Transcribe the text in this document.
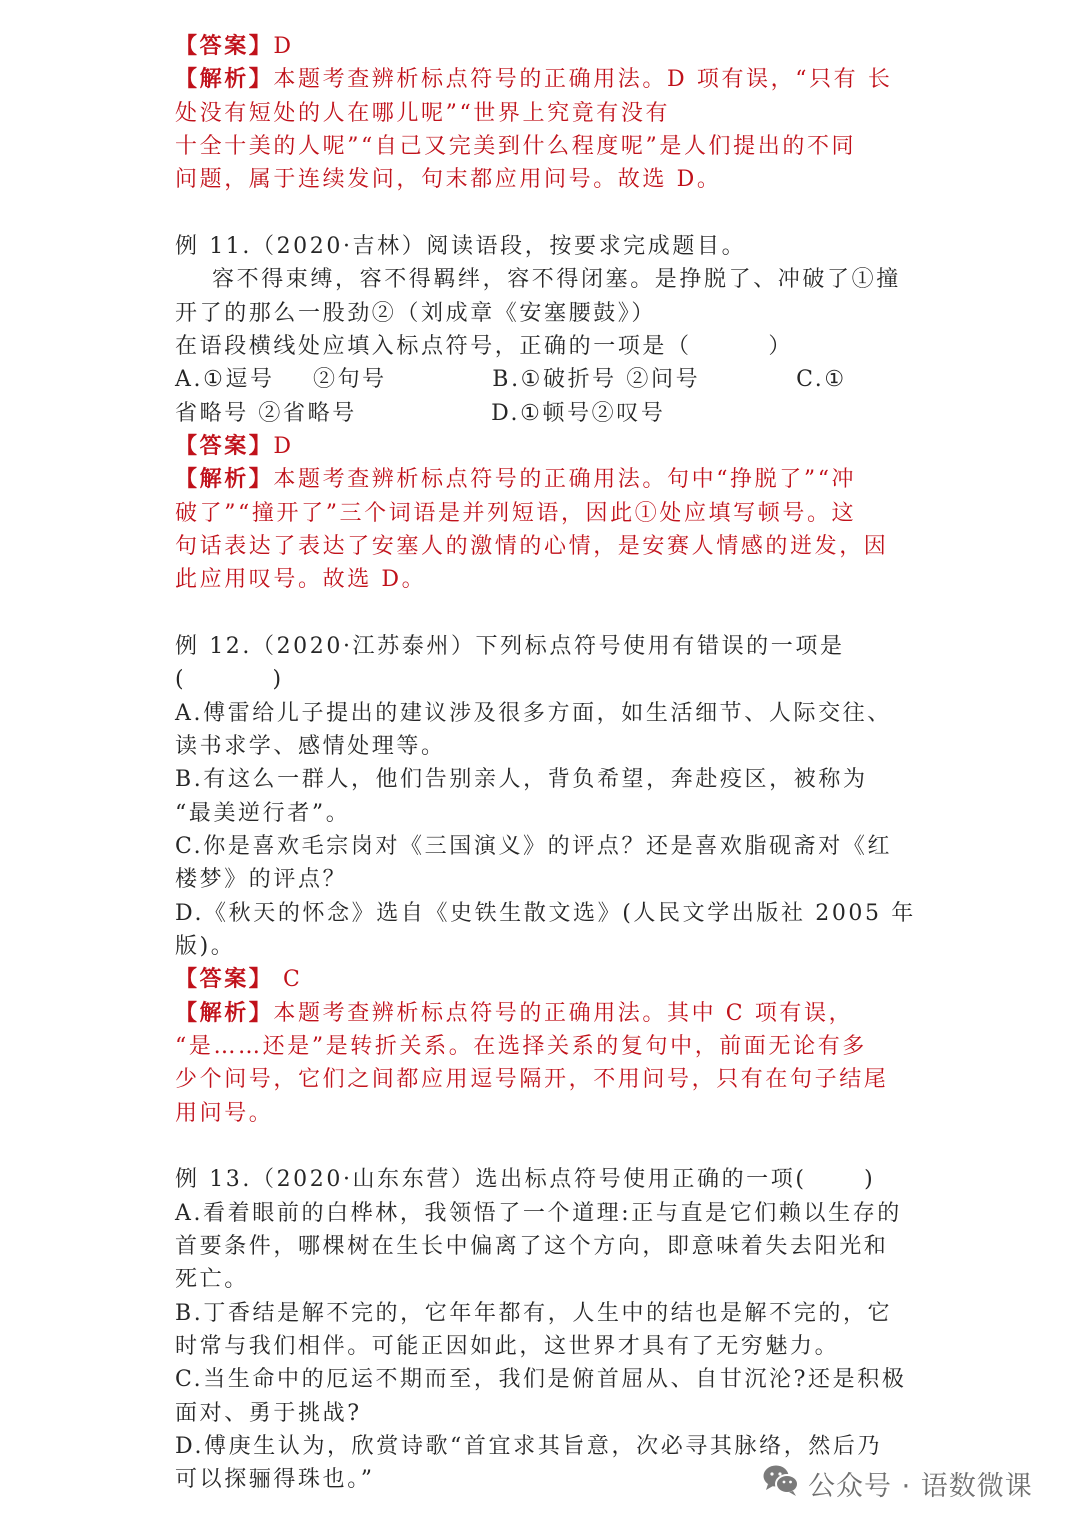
【答案】D
【解析】本题考查辨析标点符号的正确用法。D 项有误，“只有 长
处没有短处的人在哪儿呢”“世界上究竟有没有
十全十美的人呢”“自己又完美到什么程度呢”是人们提出的不同
问题，属于连续发问，句末都应用问号。故选 D。
例 11.（2020·吉林）阅读语段，按要求完成题目。
容不得束缚，容不得羁绊，容不得闭塞。是挣脱了、冲破了①撞
开了的那么一股劲②（刘成章《安塞腰鼓》）
在语段横线处应填入标点符号，正确的一项是（        ）
A.①逗号    ②句号           B.①破折号 ②问号          C.①
省略号 ②省略号              D.①顿号②叹号
【答案】D
【解析】本题考查辨析标点符号的正确用法。句中“挣脱了”“冲
破了”“撞开了”三个词语是并列短语，因此①处应填写顿号。这
句话表达了表达了安塞人的激情的心情，是安赛人情感的迸发，因
此应用叹号。故选 D。
例 12.（2020·江苏泰州）下列标点符号使用有错误的一项是
(         )
A.傅雷给儿子提出的建议涉及很多方面，如生活细节、人际交往、
读书求学、感情处理等。
B.有这么一群人，他们告别亲人，背负希望，奔赴疫区，被称为
“最美逆行者”。
C.你是喜欢毛宗岗对《三国演义》的评点？还是喜欢脂砚斋对《红
楼梦》的评点？
D.《秋天的怀念》选自《史铁生散文选》(人民文学出版社 2005 年
版)。
【答案】 C
【解析】本题考查辨析标点符号的正确用法。其中 C 项有误，
“是……还是”是转折关系。在选择关系的复句中，前面无论有多
少个问号，它们之间都应用逗号隔开，不用问号，只有在句子结尾
用问号。
例 13.（2020·山东东营）选出标点符号使用正确的一项(      )
A.看着眼前的白桦林，我领悟了一个道理:正与直是它们赖以生存的
首要条件，哪棵树在生长中偏离了这个方向，即意味着失去阳光和
死亡。
B.丁香结是解不完的，它年年都有，人生中的结也是解不完的，它
时常与我们相伴。可能正因如此，这世界才具有了无穷魅力。
C.当生命中的厄运不期而至，我们是俯首屈从、自甘沉沦?还是积极
面对、勇于挑战?
D.傅庚生认为，欣赏诗歌“首宜求其旨意，次必寻其脉络，然后乃
可以探骊得珠也。”	公众号 · 语数微课
